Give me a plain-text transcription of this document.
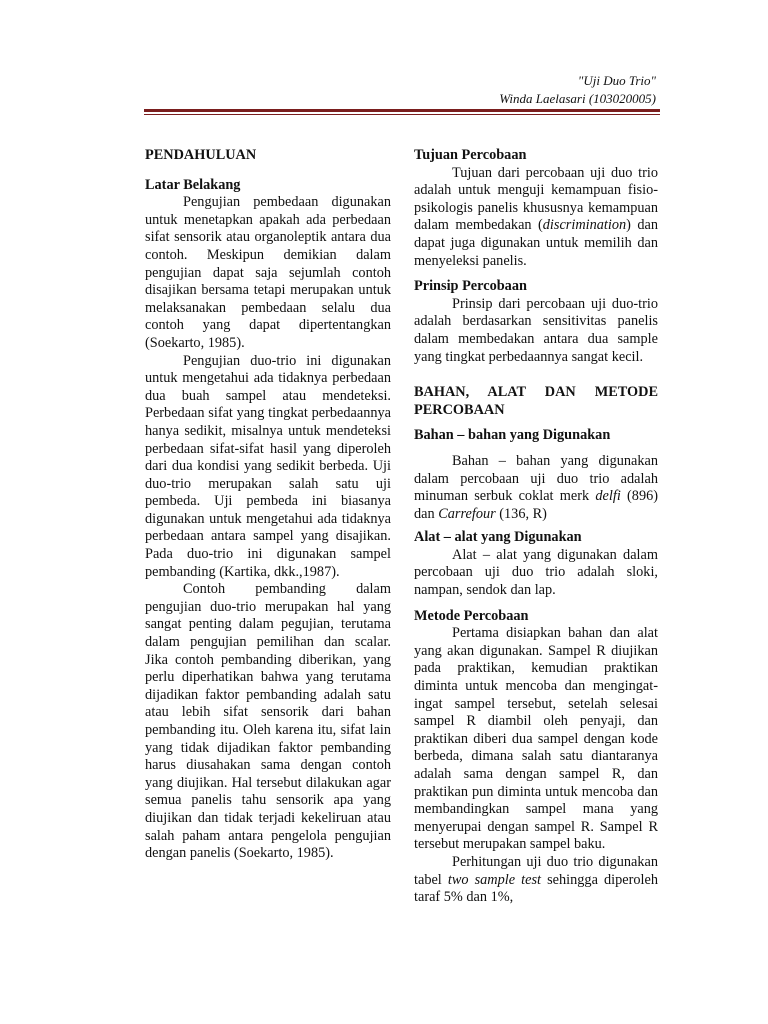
"Uji Duo Trio"
Winda Laelasari (103020005)

PENDAHULUAN

Latar Belakang

Pengujian pembedaan digunakan untuk menetapkan apakah ada perbedaan sifat sensorik atau organoleptik antara dua contoh. Meskipun demikian dalam pengujian dapat saja sejumlah contoh disajikan bersama tetapi merupakan untuk melaksanakan pembedaan selalu dua contoh yang dapat dipertentangkan (Soekarto, 1985).

Pengujian duo-trio ini digunakan untuk mengetahui ada tidaknya perbedaan dua buah sampel atau mendeteksi. Perbedaan sifat yang tingkat perbedaannya hanya sedikit, misalnya untuk mendeteksi perbedaan sifat-sifat hasil yang diperoleh dari dua kondisi yang sedikit berbeda. Uji duo-trio merupakan salah satu uji pembeda. Uji pembeda ini biasanya digunakan untuk mengetahui ada tidaknya perbedaan antara sampel yang disajikan. Pada duo-trio ini digunakan sampel pembanding (Kartika, dkk.,1987).

Contoh pembanding dalam pengujian duo-trio merupakan hal yang sangat penting dalam pegujian, terutama dalam pengujian pemilihan dan scalar. Jika contoh pembanding diberikan, yang perlu diperhatikan bahwa yang terutama dijadikan faktor pembanding adalah satu atau lebih sifat sensorik dari bahan pembanding itu. Oleh karena itu, sifat lain yang tidak dijadikan faktor pembanding harus diusahakan sama dengan contoh yang diujikan. Hal tersebut dilakukan agar semua panelis tahu sensorik apa yang diujikan dan tidak terjadi kekeliruan atau salah paham antara pengelola pengujian dengan panelis (Soekarto, 1985).

Tujuan Percobaan

Tujuan dari percobaan uji duo trio adalah untuk menguji kemampuan fisio-psikologis panelis khususnya kemampuan dalam membedakan (discrimination) dan dapat juga digunakan untuk memilih dan menyeleksi panelis.

Prinsip Percobaan

Prinsip dari percobaan uji duo-trio adalah berdasarkan sensitivitas panelis dalam membedakan antara dua sample yang tingkat perbedaannya sangat kecil.

BAHAN, ALAT DAN METODE PERCOBAAN

Bahan – bahan yang Digunakan

Bahan – bahan yang digunakan dalam percobaan uji duo trio adalah minuman serbuk coklat merk delfi (896) dan Carrefour (136, R)

Alat – alat yang Digunakan

Alat – alat yang digunakan dalam percobaan uji duo trio adalah sloki, nampan, sendok dan lap.

Metode Percobaan

Pertama disiapkan bahan dan alat yang akan digunakan. Sampel R diujikan pada praktikan, kemudian praktikan diminta untuk mencoba dan mengingat-ingat sampel tersebut, setelah selesai sampel R diambil oleh penyaji, dan praktikan diberi dua sampel dengan kode berbeda, dimana salah satu diantaranya adalah sama dengan sampel R, dan praktikan pun diminta untuk mencoba dan membandingkan sampel mana yang menyerupai dengan sampel R. Sampel R tersebut merupakan sampel baku.

Perhitungan uji duo trio digunakan tabel two sample test sehingga diperoleh taraf 5% dan 1%,
